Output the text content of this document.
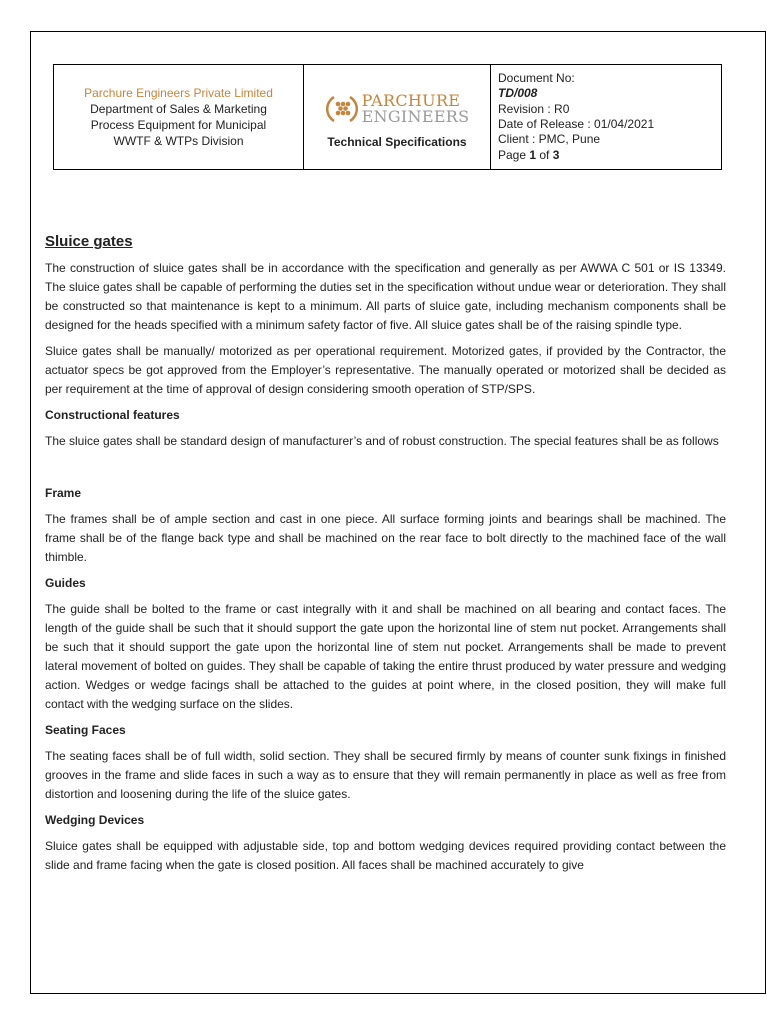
Parchure Engineers Private Limited
Department of Sales & Marketing
Process Equipment for Municipal
WWTF & WTPs Division

PARCHURE
ENGINEERS
Technical Specifications

Document No:
TD/008
Revision : R0
Date of Release : 01/04/2021
Client : PMC, Pune
Page 1 of 3
Sluice gates

The construction of sluice gates shall be in accordance with the specification and generally as per AWWA C 501 or IS 13349. The sluice gates shall be capable of performing the duties set in the specification without undue wear or deterioration. They shall be constructed so that maintenance is kept to a minimum. All parts of sluice gate, including mechanism components shall be designed for the heads specified with a minimum safety factor of five. All sluice gates shall be of the raising spindle type.

Sluice gates shall be manually/ motorized as per operational requirement. Motorized gates, if provided by the Contractor, the actuator specs be got approved from the Employer’s representative. The manually operated or motorized shall be decided as per requirement at the time of approval of design considering smooth operation of STP/SPS.

Constructional features

The sluice gates shall be standard design of manufacturer’s and of robust construction. The special features shall be as follows

Frame

The frames shall be of ample section and cast in one piece. All surface forming joints and bearings shall be machined. The frame shall be of the flange back type and shall be machined on the rear face to bolt directly to the machined face of the wall thimble.

Guides

The guide shall be bolted to the frame or cast integrally with it and shall be machined on all bearing and contact faces. The length of the guide shall be such that it should support the gate upon the horizontal line of stem nut pocket. Arrangements shall be such that it should support the gate upon the horizontal line of stem nut pocket. Arrangements shall be made to prevent lateral movement of bolted on guides. They shall be capable of taking the entire thrust produced by water pressure and wedging action. Wedges or wedge facings shall be attached to the guides at point where, in the closed position, they will make full contact with the wedging surface on the slides.

Seating Faces

The seating faces shall be of full width, solid section. They shall be secured firmly by means of counter sunk fixings in finished grooves in the frame and slide faces in such a way as to ensure that they will remain permanently in place as well as free from distortion and loosening during the life of the sluice gates.

Wedging Devices

Sluice gates shall be equipped with adjustable side, top and bottom wedging devices required providing contact between the slide and frame facing when the gate is closed position. All faces shall be machined accurately to give
